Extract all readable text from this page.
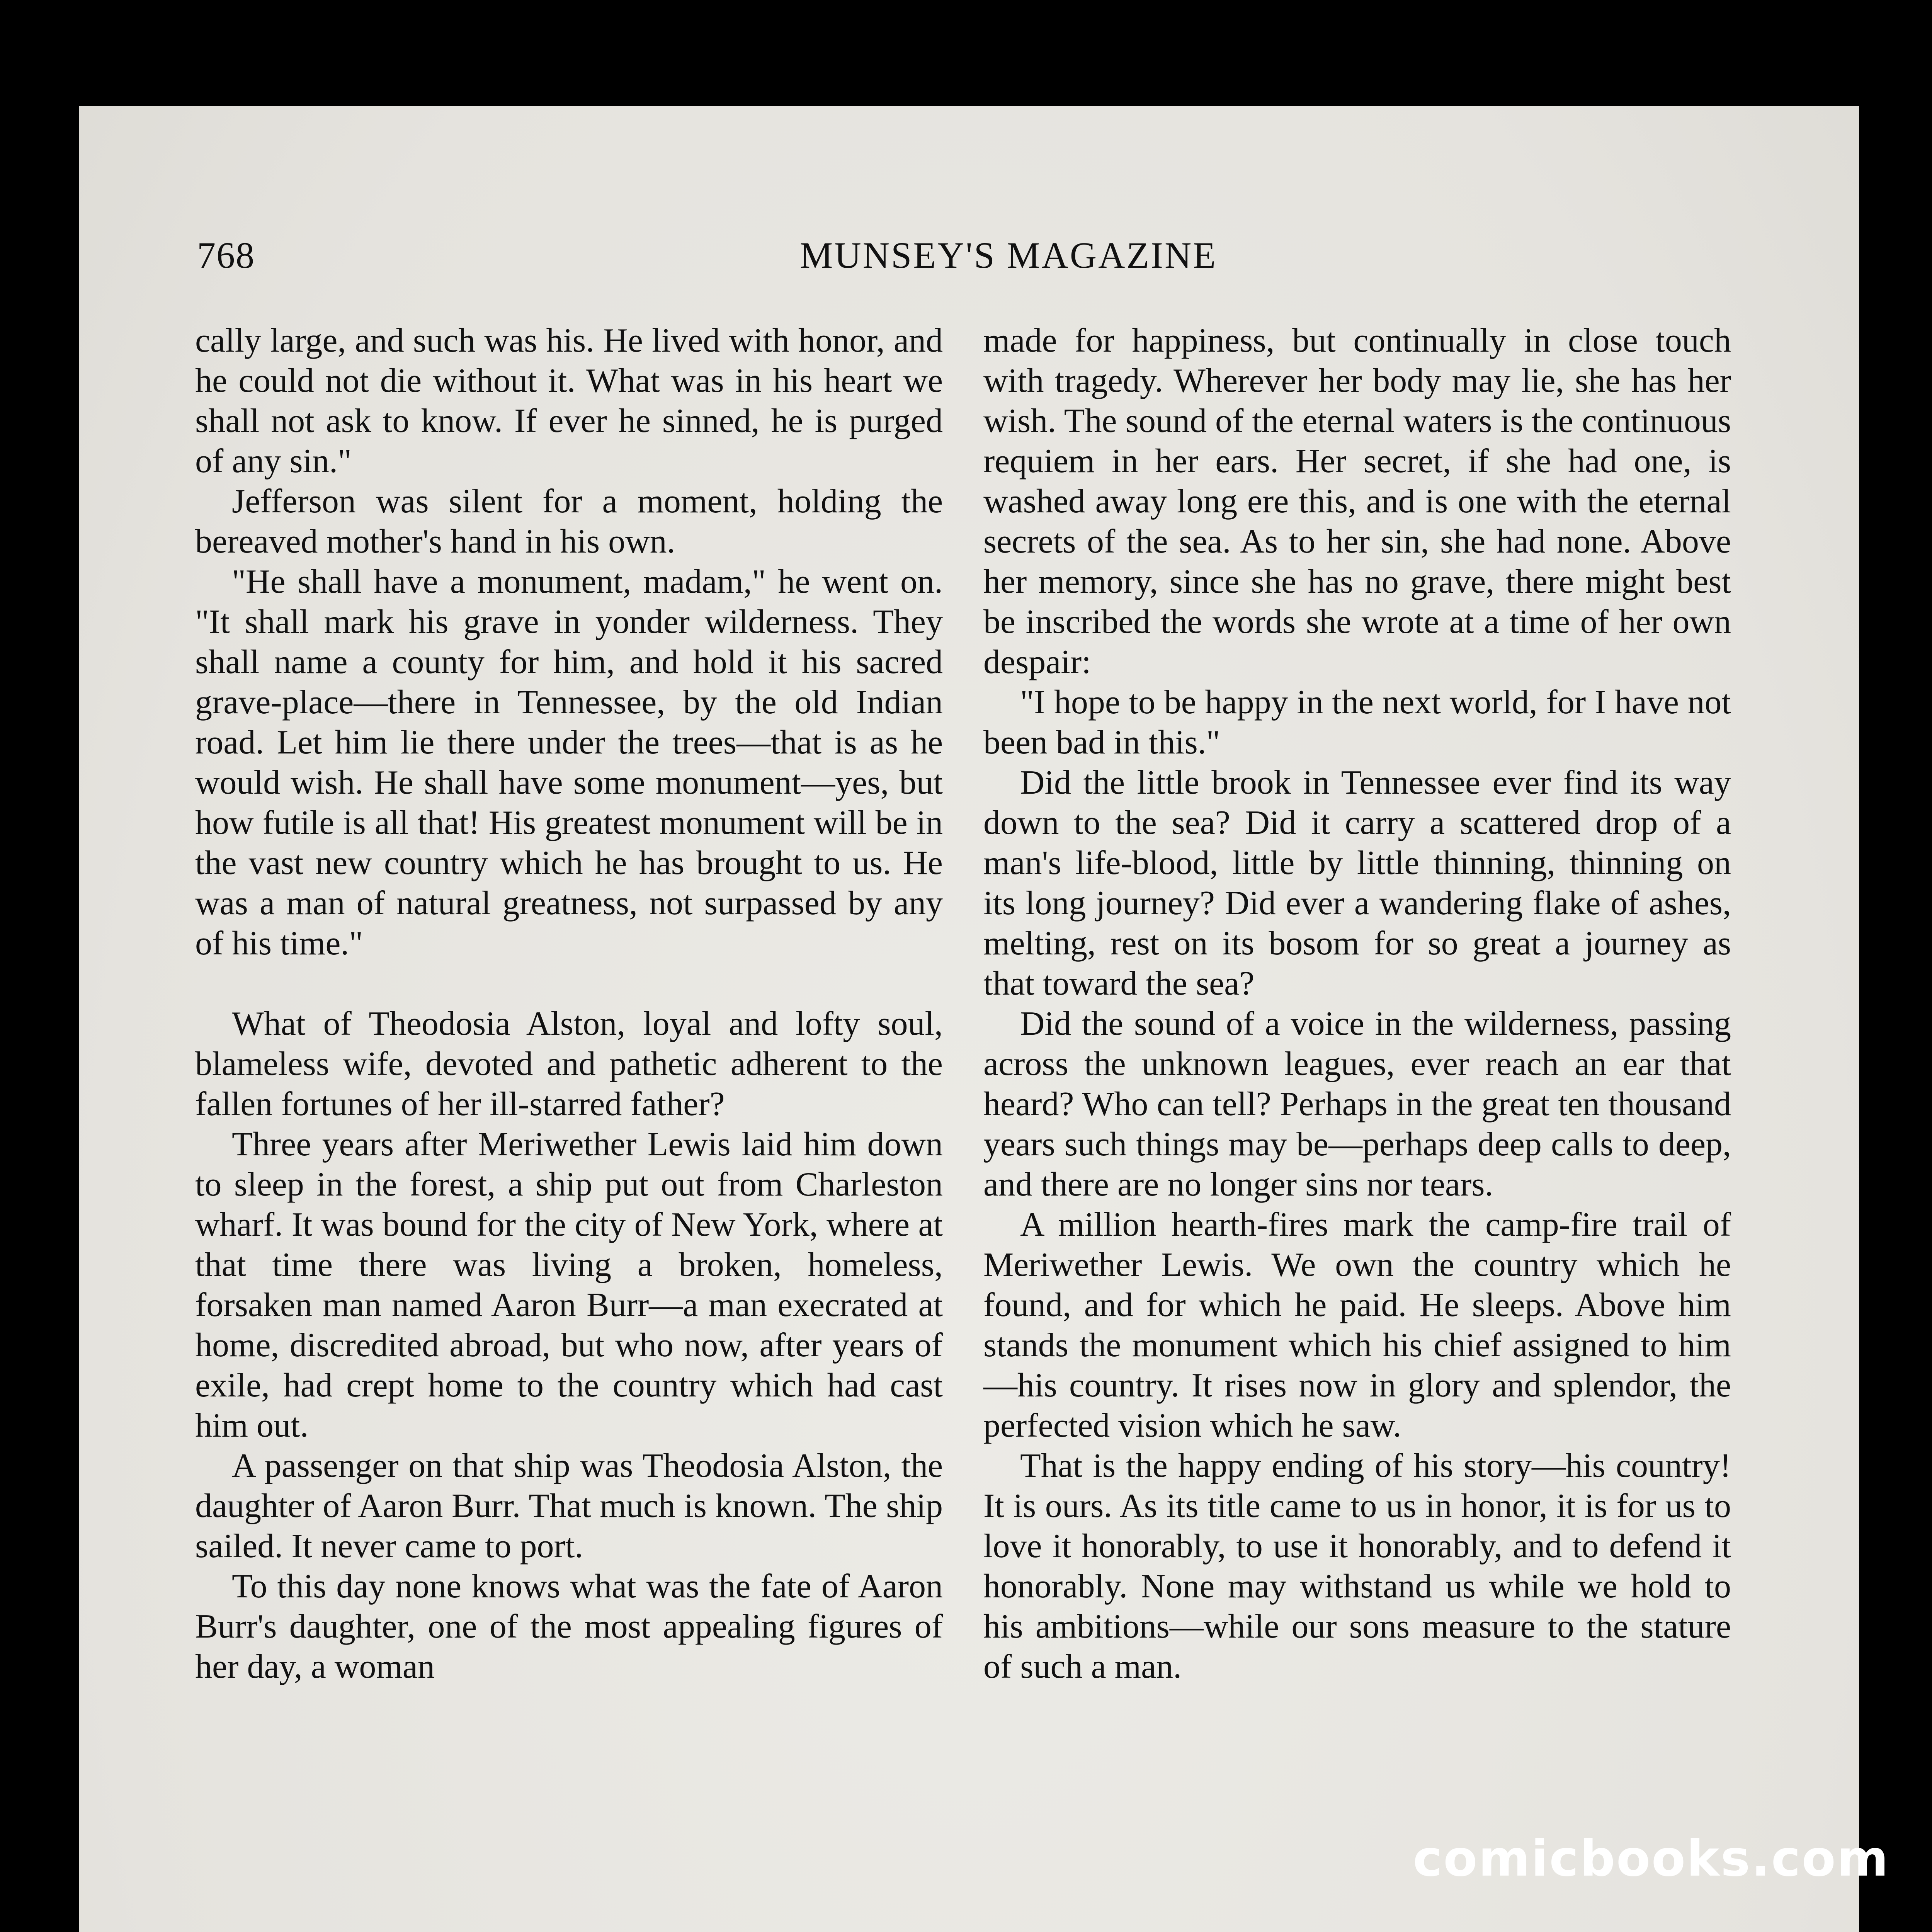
768	MUNSEY'S MAGAZINE

cally large, and such was his. He lived with honor, and he could not die without it. What was in his heart we shall not ask to know. If ever he sinned, he is purged of any sin."

Jefferson was silent for a moment, holding the bereaved mother's hand in his own.

"He shall have a monument, madam," he went on. "It shall mark his grave in yonder wilderness. They shall name a county for him, and hold it his sacred grave-place—there in Tennessee, by the old Indian road. Let him lie there under the trees—that is as he would wish. He shall have some monument—yes, but how futile is all that! His greatest monument will be in the vast new country which he has brought to us. He was a man of natural greatness, not surpassed by any of his time."

What of Theodosia Alston, loyal and lofty soul, blameless wife, devoted and pathetic adherent to the fallen fortunes of her ill-starred father?

Three years after Meriwether Lewis laid him down to sleep in the forest, a ship put out from Charleston wharf. It was bound for the city of New York, where at that time there was living a broken, homeless, forsaken man named Aaron Burr—a man execrated at home, discredited abroad, but who now, after years of exile, had crept home to the country which had cast him out.

A passenger on that ship was Theodosia Alston, the daughter of Aaron Burr. That much is known. The ship sailed. It never came to port.

To this day none knows what was the fate of Aaron Burr's daughter, one of the most appealing figures of her day, a woman

made for happiness, but continually in close touch with tragedy. Wherever her body may lie, she has her wish. The sound of the eternal waters is the continuous requiem in her ears. Her secret, if she had one, is washed away long ere this, and is one with the eternal secrets of the sea. As to her sin, she had none. Above her memory, since she has no grave, there might best be inscribed the words she wrote at a time of her own despair:

"I hope to be happy in the next world, for I have not been bad in this."

Did the little brook in Tennessee ever find its way down to the sea? Did it carry a scattered drop of a man's life-blood, little by little thinning, thinning on its long journey? Did ever a wandering flake of ashes, melting, rest on its bosom for so great a journey as that toward the sea?

Did the sound of a voice in the wilderness, passing across the unknown leagues, ever reach an ear that heard? Who can tell? Perhaps in the great ten thousand years such things may be—perhaps deep calls to deep, and there are no longer sins nor tears.

A million hearth-fires mark the camp-fire trail of Meriwether Lewis. We own the country which he found, and for which he paid. He sleeps. Above him stands the monument which his chief assigned to him—his country. It rises now in glory and splendor, the perfected vision which he saw.

That is the happy ending of his story—his country! It is ours. As its title came to us in honor, it is for us to love it honorably, to use it honorably, and to defend it honorably. None may withstand us while we hold to his ambitions—while our sons measure to the stature of such a man.

comicbooks.com
